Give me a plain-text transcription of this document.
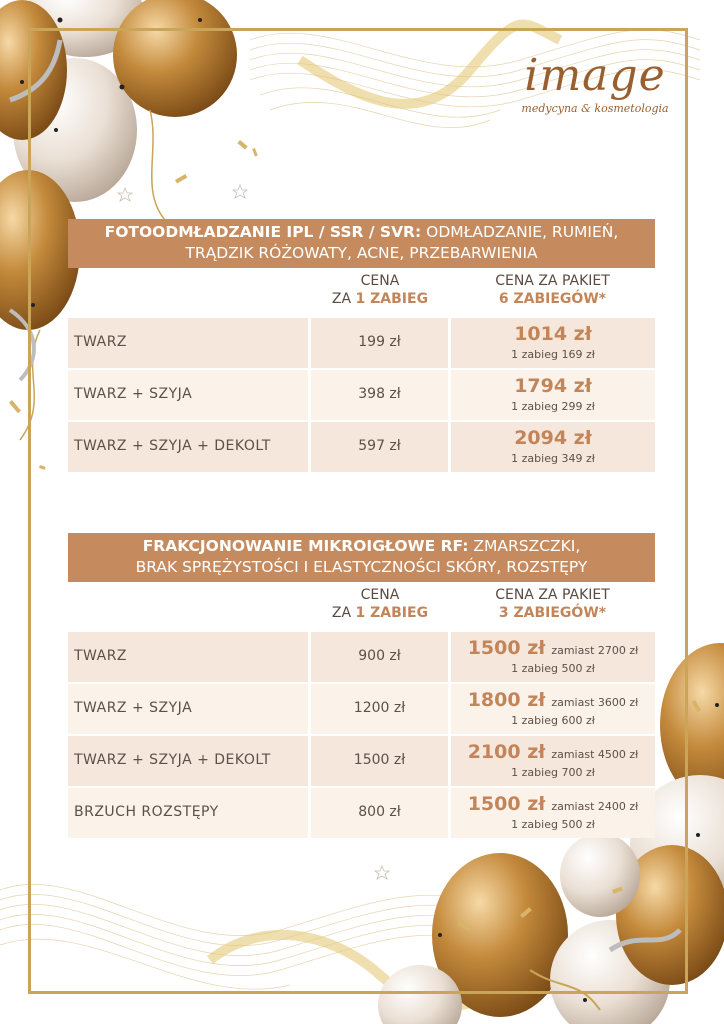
image
medycyna & kosmetologia
FOTOODMŁADZANIE IPL / SSR / SVR: ODMŁADZANIE, RUMIEŃ,
TRĄDZIK RÓŻOWATY, ACNE, PRZEBARWIENIA
CENA
ZA 1 ZABIEG
CENA ZA PAKIET
6 ZABIEGÓW*
TWARZ	199 zł	1014 zł
1 zabieg 169 zł
TWARZ + SZYJA	398 zł	1794 zł
1 zabieg 299 zł
TWARZ + SZYJA + DEKOLT	597 zł	2094 zł
1 zabieg 349 zł
FRAKCJONOWANIE MIKROIGŁOWE RF: ZMARSZCZKI,
BRAK SPRĘŻYSTOŚCI I ELASTYCZNOŚCI SKÓRY, ROZSTĘPY
CENA
ZA 1 ZABIEG
CENA ZA PAKIET
3 ZABIEGÓW*
TWARZ	900 zł	1500 zł zamiast 2700 zł
1 zabieg 500 zł
TWARZ + SZYJA	1200 zł	1800 zł zamiast 3600 zł
1 zabieg 600 zł
TWARZ + SZYJA + DEKOLT	1500 zł	2100 zł zamiast 4500 zł
1 zabieg 700 zł
BRZUCH ROZSTĘPY	800 zł	1500 zł zamiast 2400 zł
1 zabieg 500 zł
